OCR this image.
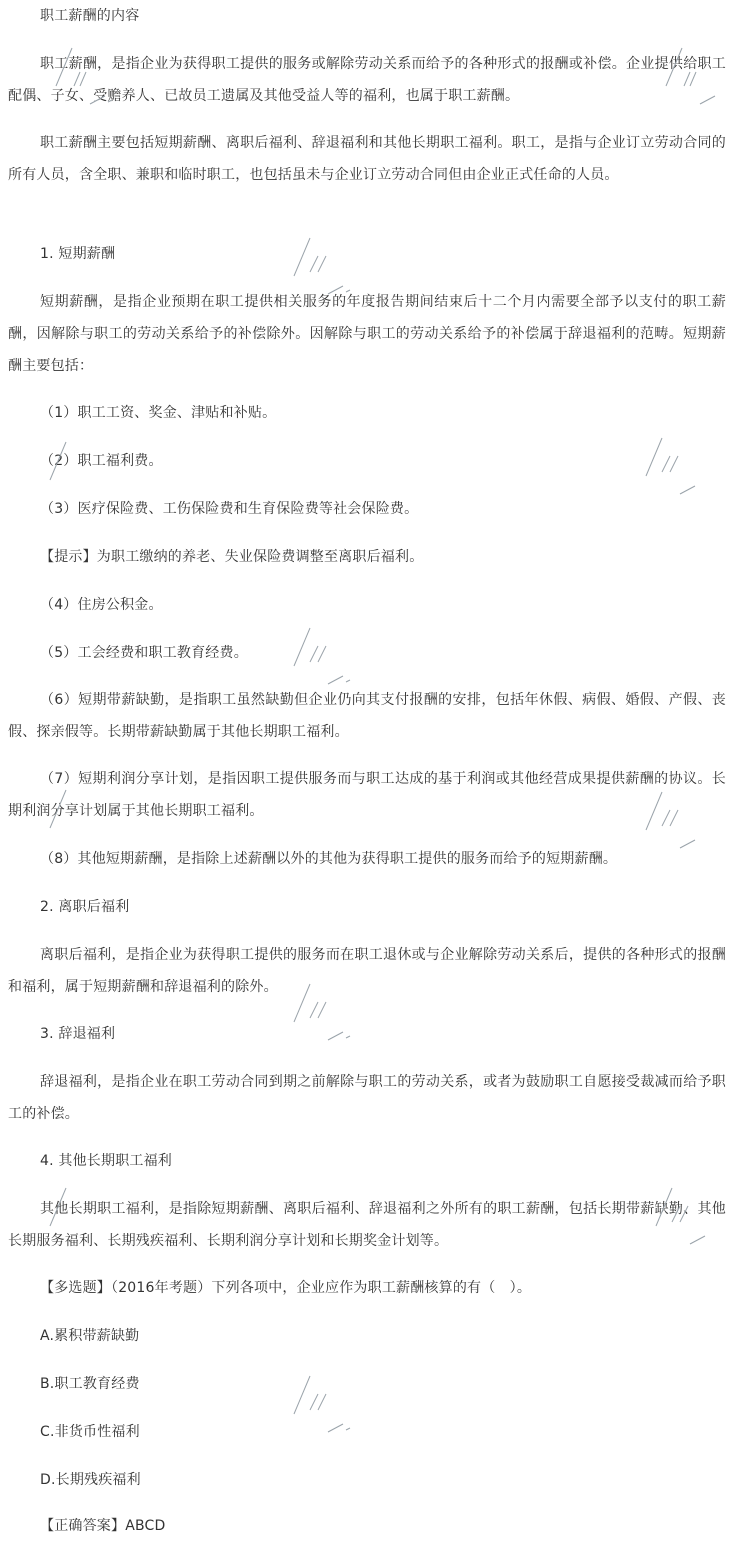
职工薪酬的内容
职工薪酬，是指企业为获得职工提供的服务或解除劳动关系而给予的各种形式的报酬或补偿。企业提供给职工配偶、子女、受赡养人、已故员工遗属及其他受益人等的福利，也属于职工薪酬。
职工薪酬主要包括短期薪酬、离职后福利、辞退福利和其他长期职工福利。职工，是指与企业订立劳动合同的所有人员，含全职、兼职和临时职工，也包括虽未与企业订立劳动合同但由企业正式任命的人员。
1. 短期薪酬
短期薪酬，是指企业预期在职工提供相关服务的年度报告期间结束后十二个月内需要全部予以支付的职工薪酬，因解除与职工的劳动关系给予的补偿除外。因解除与职工的劳动关系给予的补偿属于辞退福利的范畴。短期薪酬主要包括：
（1）职工工资、奖金、津贴和补贴。
（2）职工福利费。
（3）医疗保险费、工伤保险费和生育保险费等社会保险费。
【提示】为职工缴纳的养老、失业保险费调整至离职后福利。
（4）住房公积金。
（5）工会经费和职工教育经费。
（6）短期带薪缺勤，是指职工虽然缺勤但企业仍向其支付报酬的安排，包括年休假、病假、婚假、产假、丧假、探亲假等。长期带薪缺勤属于其他长期职工福利。
（7）短期利润分享计划，是指因职工提供服务而与职工达成的基于利润或其他经营成果提供薪酬的协议。长期利润分享计划属于其他长期职工福利。
（8）其他短期薪酬，是指除上述薪酬以外的其他为获得职工提供的服务而给予的短期薪酬。
2. 离职后福利
离职后福利，是指企业为获得职工提供的服务而在职工退休或与企业解除劳动关系后，提供的各种形式的报酬和福利，属于短期薪酬和辞退福利的除外。
3. 辞退福利
辞退福利，是指企业在职工劳动合同到期之前解除与职工的劳动关系，或者为鼓励职工自愿接受裁减而给予职工的补偿。
4. 其他长期职工福利
其他长期职工福利，是指除短期薪酬、离职后福利、辞退福利之外所有的职工薪酬，包括长期带薪缺勤、其他长期服务福利、长期残疾福利、长期利润分享计划和长期奖金计划等。
【多选题】（2016年考题）下列各项中，企业应作为职工薪酬核算的有（　）。
A.累积带薪缺勤
B.职工教育经费
C.非货币性福利
D.长期残疾福利
【正确答案】ABCD
